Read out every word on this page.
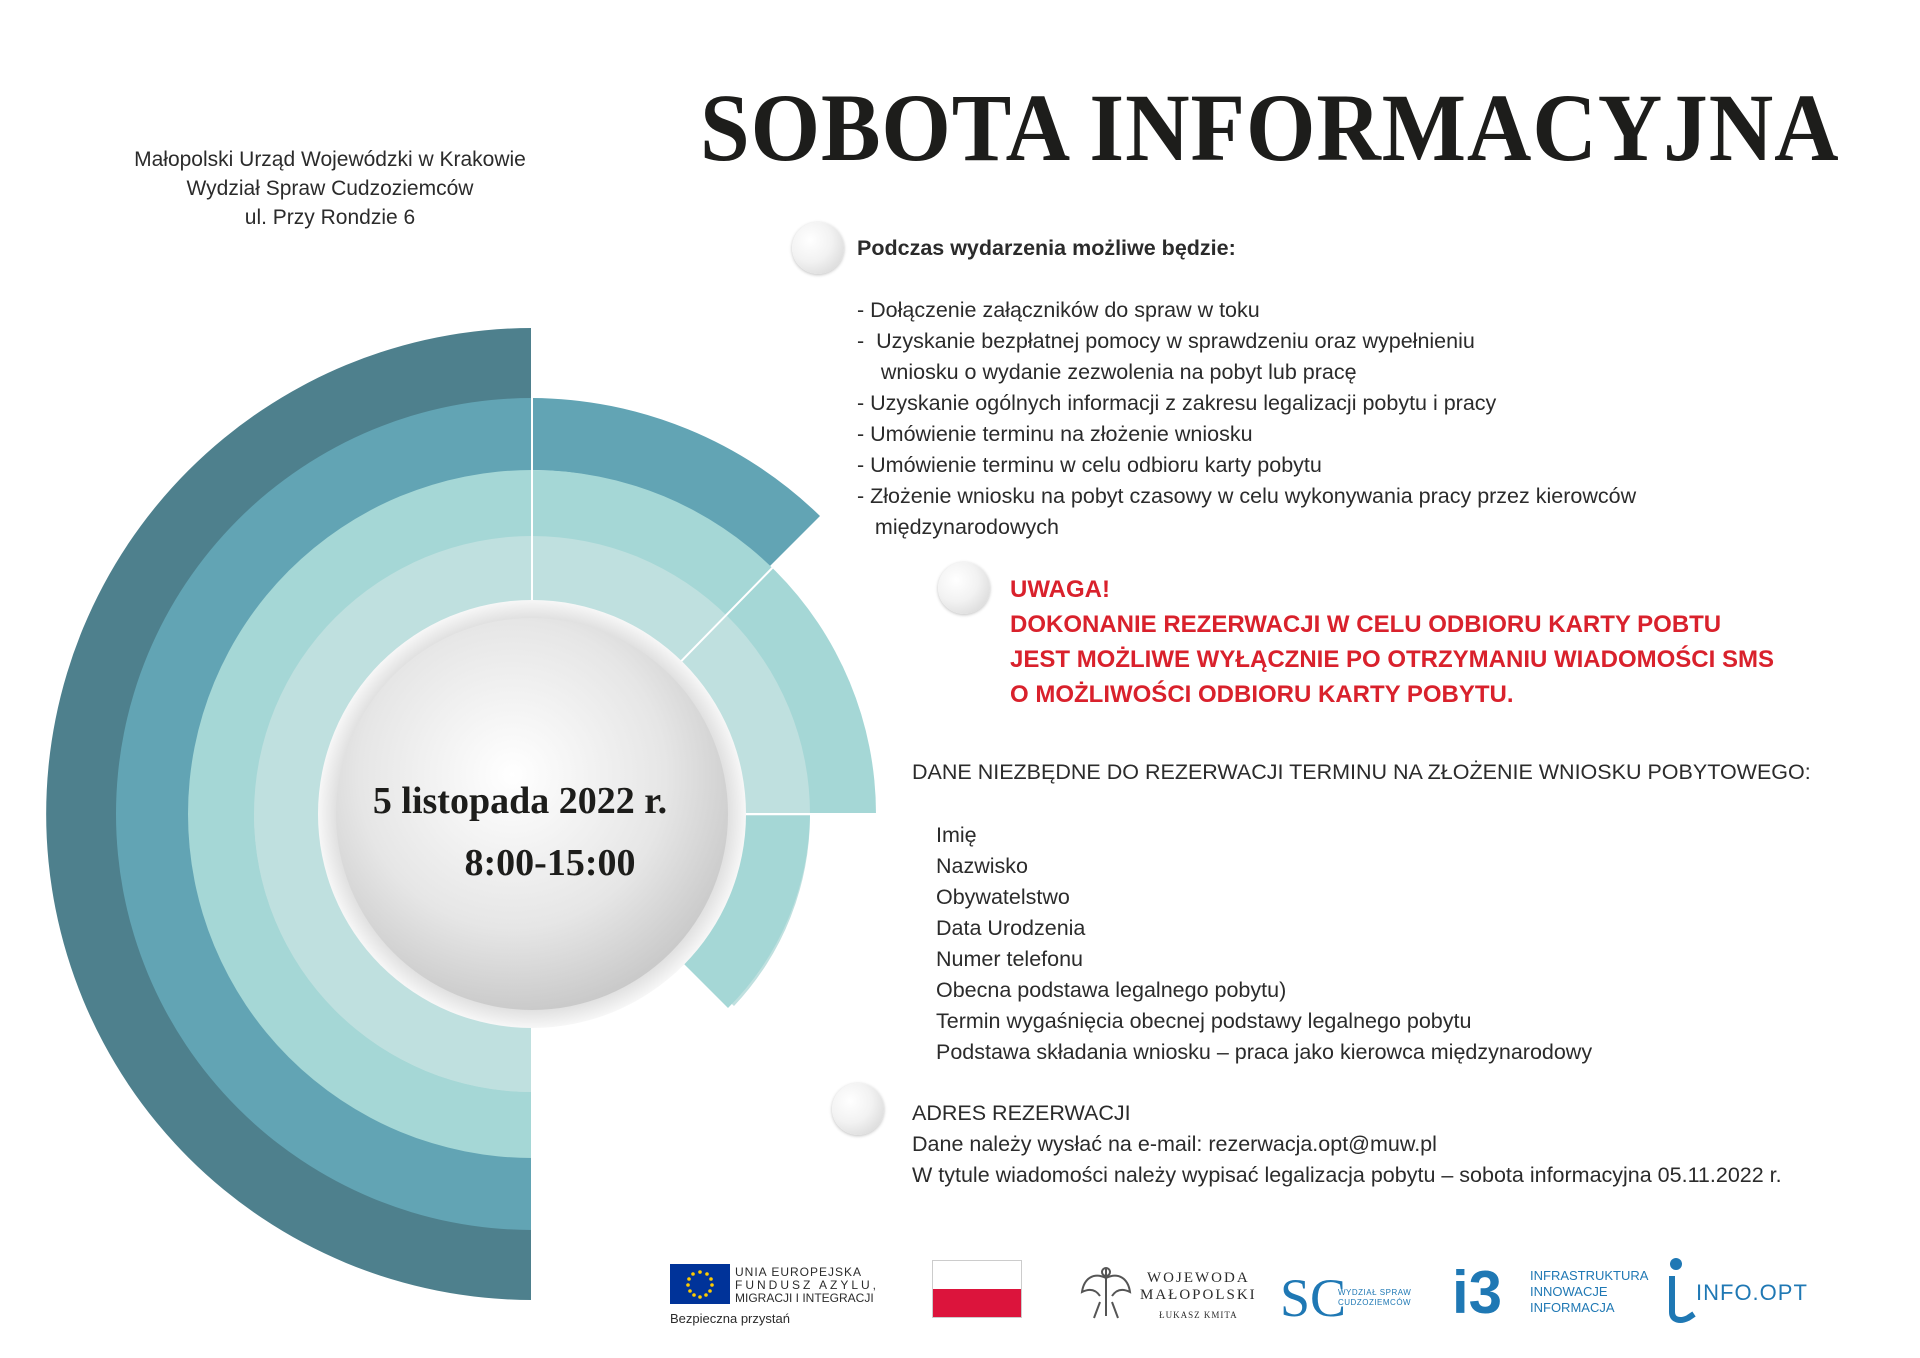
SOBOTA INFORMACYJNA
Małopolski Urząd Wojewódzki w Krakowie
Wydział Spraw Cudzoziemców
ul. Przy Rondzie 6
5 listopada 2022 r.
8:00-15:00
Podczas wydarzenia możliwe będzie:
- Dołączenie załączników do spraw w toku
-  Uzyskanie bezpłatnej pomocy w sprawdzeniu oraz wypełnieniu
wniosku o wydanie zezwolenia na pobyt lub pracę
- Uzyskanie ogólnych informacji z zakresu legalizacji pobytu i pracy
- Umówienie terminu na złożenie wniosku
- Umówienie terminu w celu odbioru karty pobytu
- Złożenie wniosku na pobyt czasowy w celu wykonywania pracy przez kierowców
międzynarodowych
UWAGA!
DOKONANIE REZERWACJI W CELU ODBIORU KARTY POBTU
JEST MOŻLIWE WYŁĄCZNIE PO OTRZYMANIU WIADOMOŚCI SMS
O MOŻLIWOŚCI ODBIORU KARTY POBYTU.
DANE NIEZBĘDNE DO REZERWACJI TERMINU NA ZŁOŻENIE WNIOSKU POBYTOWEGO:
Imię
Nazwisko
Obywatelstwo
Data Urodzenia
Numer telefonu
Obecna podstawa legalnego pobytu)
Termin wygaśnięcia obecnej podstawy legalnego pobytu
Podstawa składania wniosku – praca jako kierowca międzynarodowy
ADRES REZERWACJI
Dane należy wysłać na e-mail: rezerwacja.opt@muw.pl
W tytule wiadomości należy wypisać legalizacja pobytu – sobota informacyjna 05.11.2022 r.
UNIA EUROPEJSKA
FUNDUSZ AZYLU,
MIGRACJI I INTEGRACJI
Bezpieczna przystań
WOJEWODA
MAŁOPOLSKI
ŁUKASZ KMITA SC
WYDZIAŁ SPRAW
CUDZOZIEMCÓW i3 INFRASTRUKTURA
INNOWACJE
INFORMACJA
INFO.OPT
